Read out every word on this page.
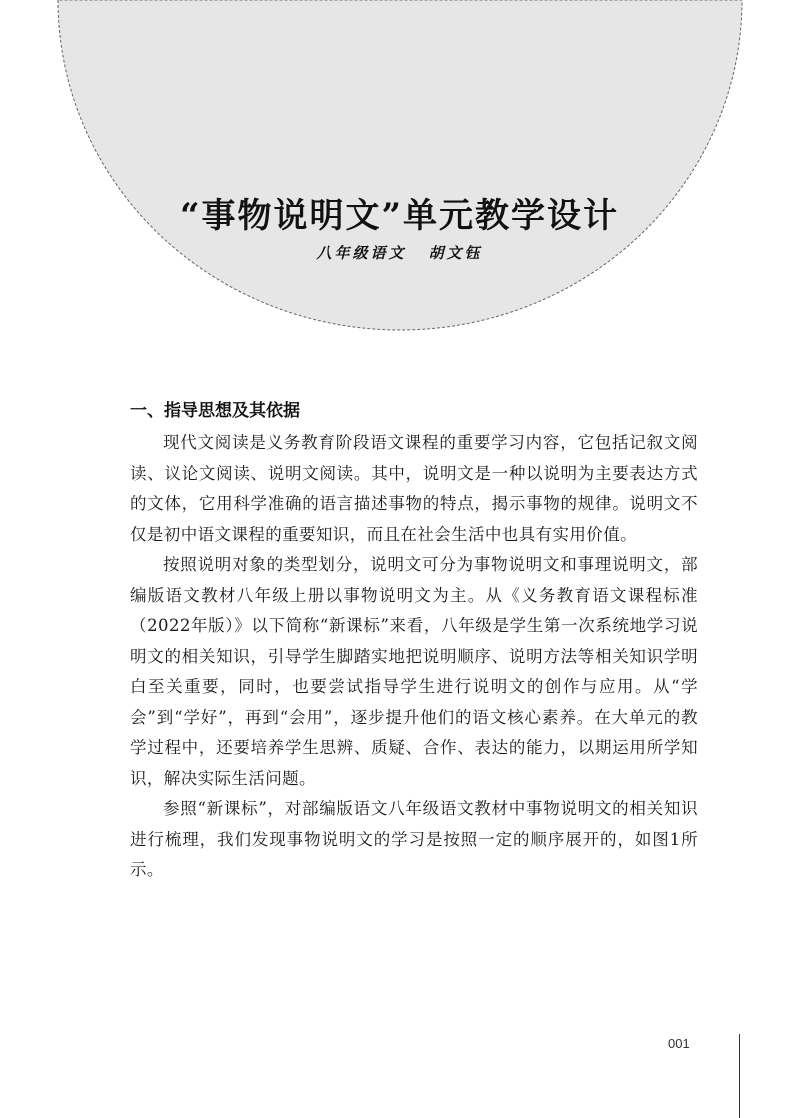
“事物说明文”单元教学设计
八年级语文 胡文钰
一、指导思想及其依据

现代文阅读是义务教育阶段语文课程的重要学习内容，它包括记叙文阅读、议论文阅读、说明文阅读。其中，说明文是一种以说明为主要表达方式的文体，它用科学准确的语言描述事物的特点，揭示事物的规律。说明文不仅是初中语文课程的重要知识，而且在社会生活中也具有实用价值。

按照说明对象的类型划分，说明文可分为事物说明文和事理说明文，部编版语文教材八年级上册以事物说明文为主。从《义务教育语文课程标准（2022年版）》以下简称“新课标”来看，八年级是学生第一次系统地学习说明文的相关知识，引导学生脚踏实地把说明顺序、说明方法等相关知识学明白至关重要，同时，也要尝试指导学生进行说明文的创作与应用。从“学会”到“学好”，再到“会用”，逐步提升他们的语文核心素养。在大单元的教学过程中，还要培养学生思辨、质疑、合作、表达的能力，以期运用所学知识，解决实际生活问题。

参照“新课标”，对部编版语文八年级语文教材中事物说明文的相关知识进行梳理，我们发现事物说明文的学习是按照一定的顺序展开的，如图1所示。

001
